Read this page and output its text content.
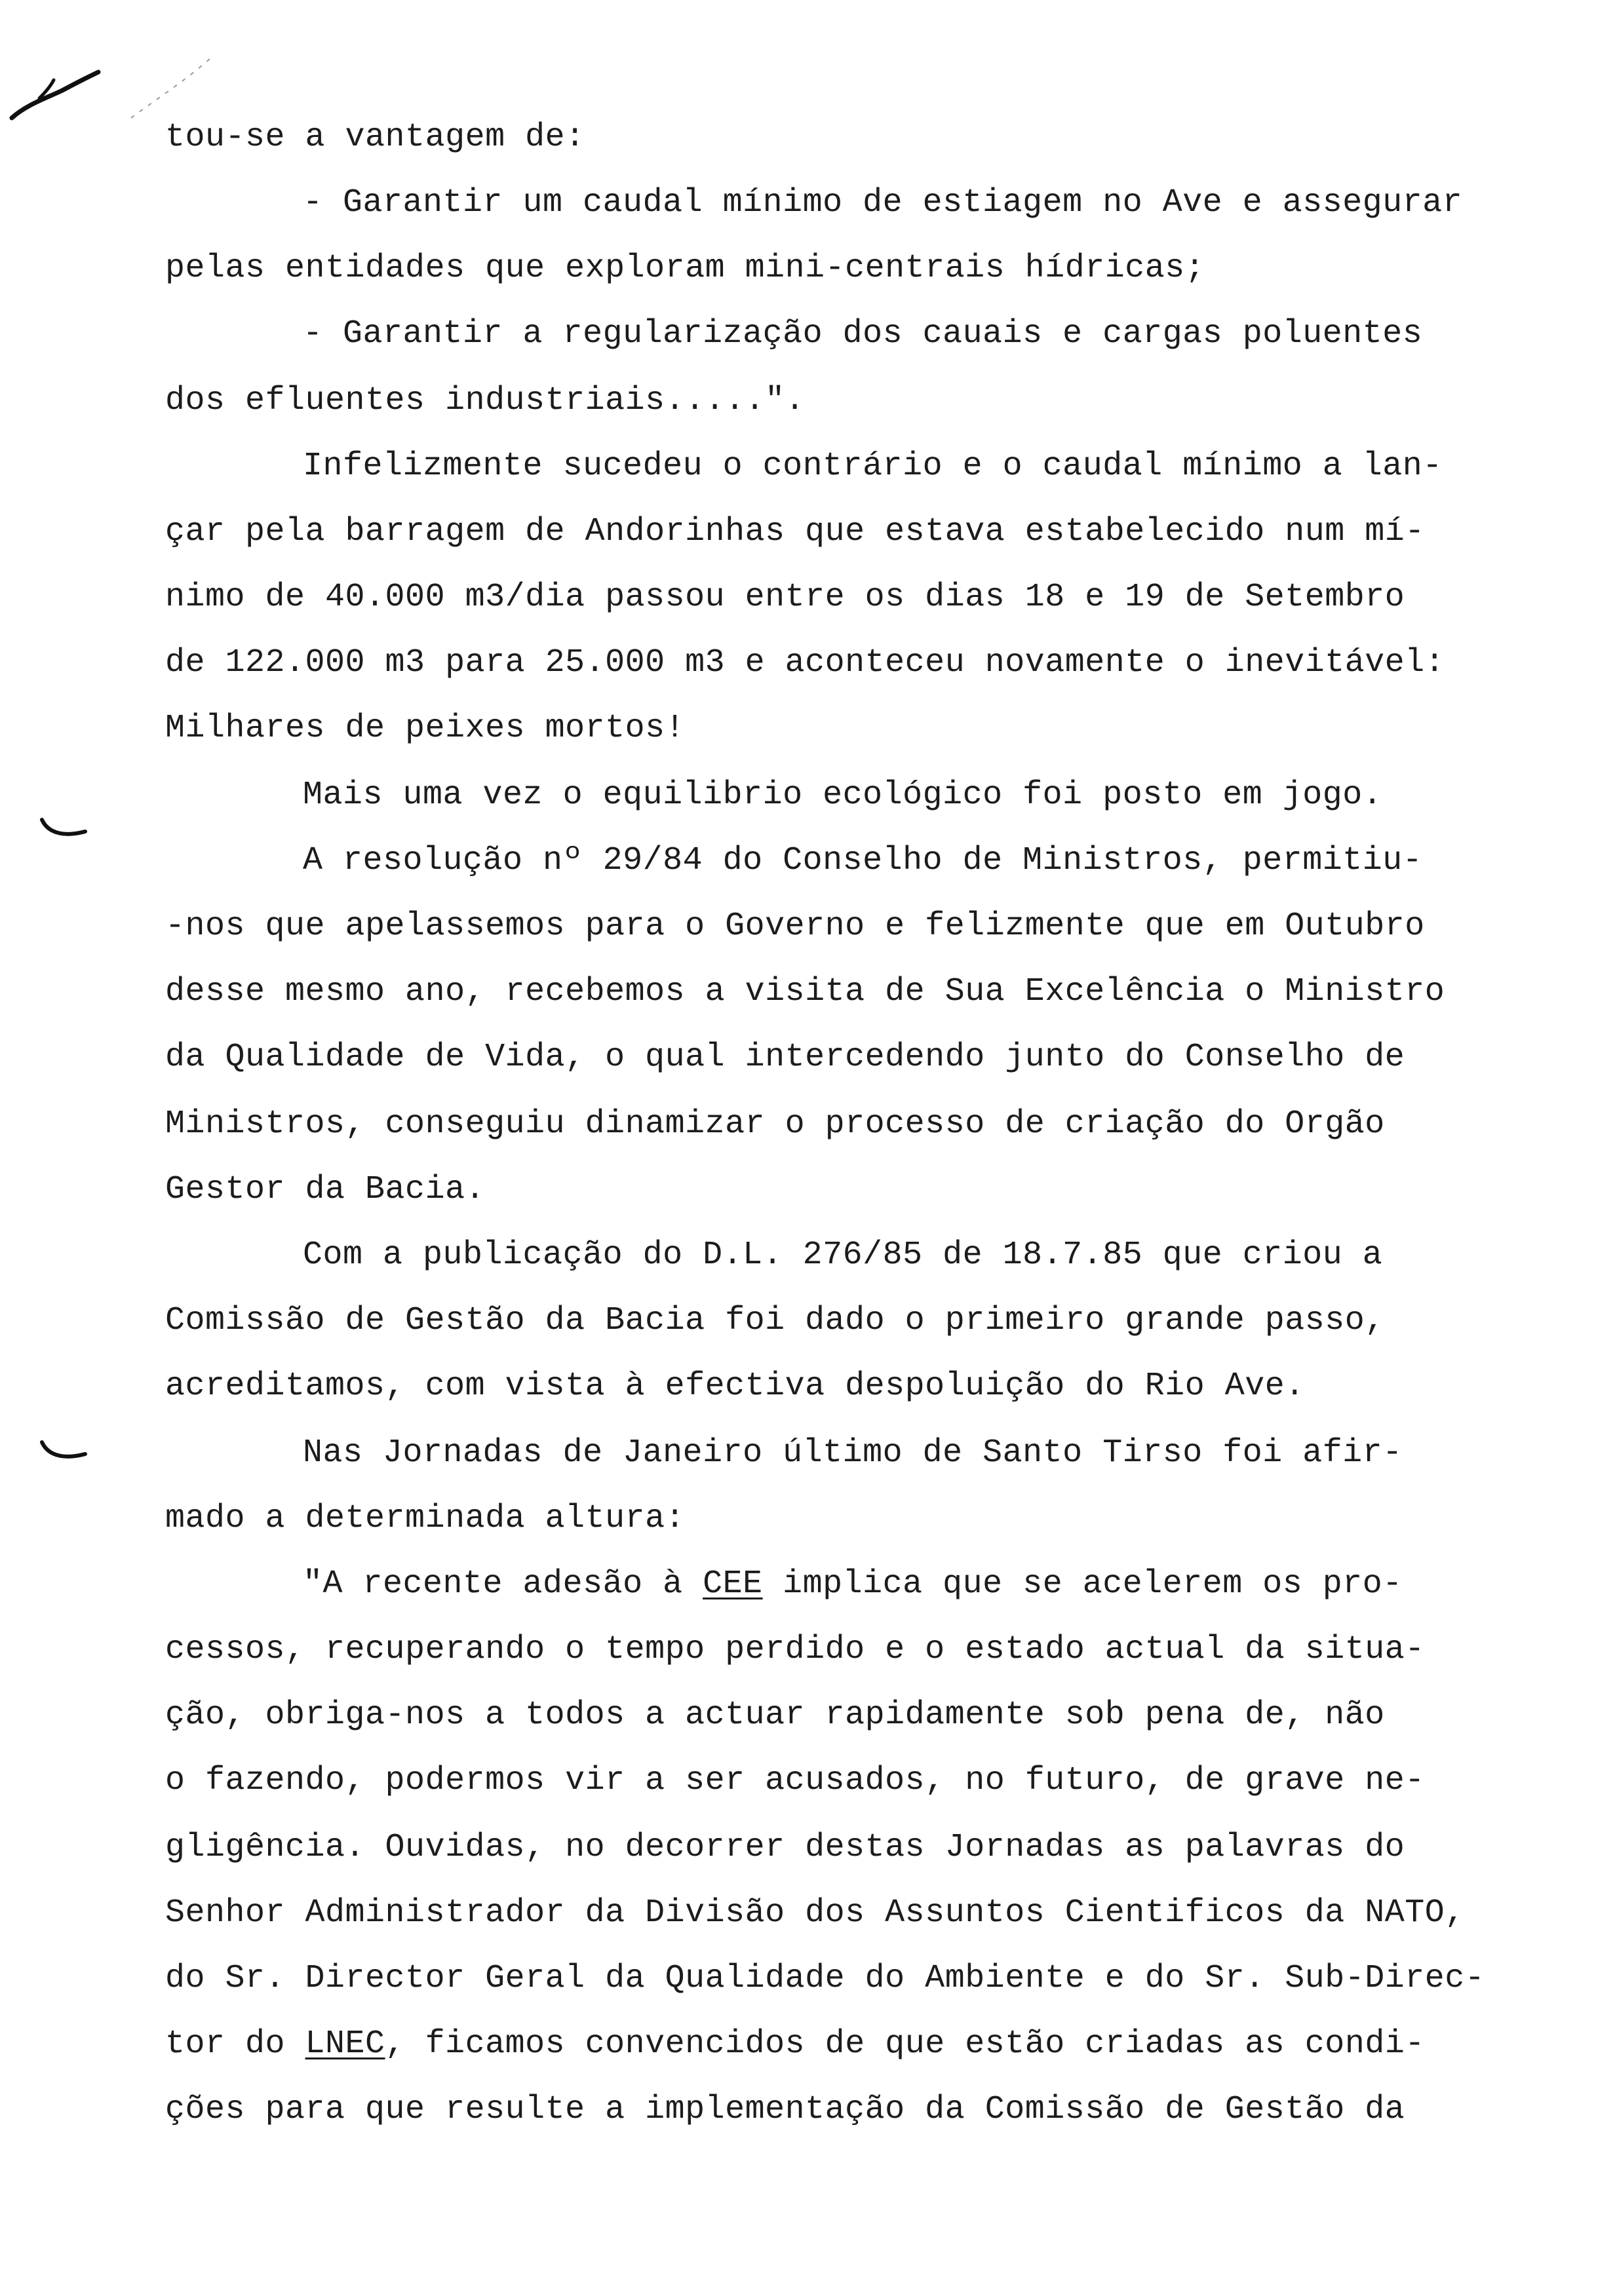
tou-se a vantagem de:
- Garantir um caudal mínimo de estiagem no Ave e assegurar
pelas entidades que exploram mini-centrais hídricas;
- Garantir a regularização dos cauais e cargas poluentes
dos efluentes industriais.....".
Infelizmente sucedeu o contrário e o caudal mínimo a lan-
çar pela barragem de Andorinhas que estava estabelecido num mí-
nimo de 40.000 m3/dia passou entre os dias 18 e 19 de Setembro
de 122.000 m3 para 25.000 m3 e aconteceu novamente o inevitável:
Milhares de peixes mortos!
Mais uma vez o equilibrio ecológico foi posto em jogo.
A resolução nº 29/84 do Conselho de Ministros, permitiu-
-nos que apelassemos para o Governo e felizmente que em Outubro
desse mesmo ano, recebemos a visita de Sua Excelência o Ministro
da Qualidade de Vida, o qual intercedendo junto do Conselho de
Ministros, conseguiu dinamizar o processo de criação do Orgão
Gestor da Bacia.
Com a publicação do D.L. 276/85 de 18.7.85 que criou a
Comissão de Gestão da Bacia foi dado o primeiro grande passo,
acreditamos, com vista à efectiva despoluição do Rio Ave.
Nas Jornadas de Janeiro último de Santo Tirso foi afir-
mado a determinada altura:
"A recente adesão à CEE implica que se acelerem os pro-
cessos, recuperando o tempo perdido e o estado actual da situa-
ção, obriga-nos a todos a actuar rapidamente sob pena de, não
o fazendo, podermos vir a ser acusados, no futuro, de grave ne-
gligência. Ouvidas, no decorrer destas Jornadas as palavras do
Senhor Administrador da Divisão dos Assuntos Cientificos da NATO,
do Sr. Director Geral da Qualidade do Ambiente e do Sr. Sub-Direc-
tor do LNEC, ficamos convencidos de que estão criadas as condi-
ções para que resulte a implementação da Comissão de Gestão da
